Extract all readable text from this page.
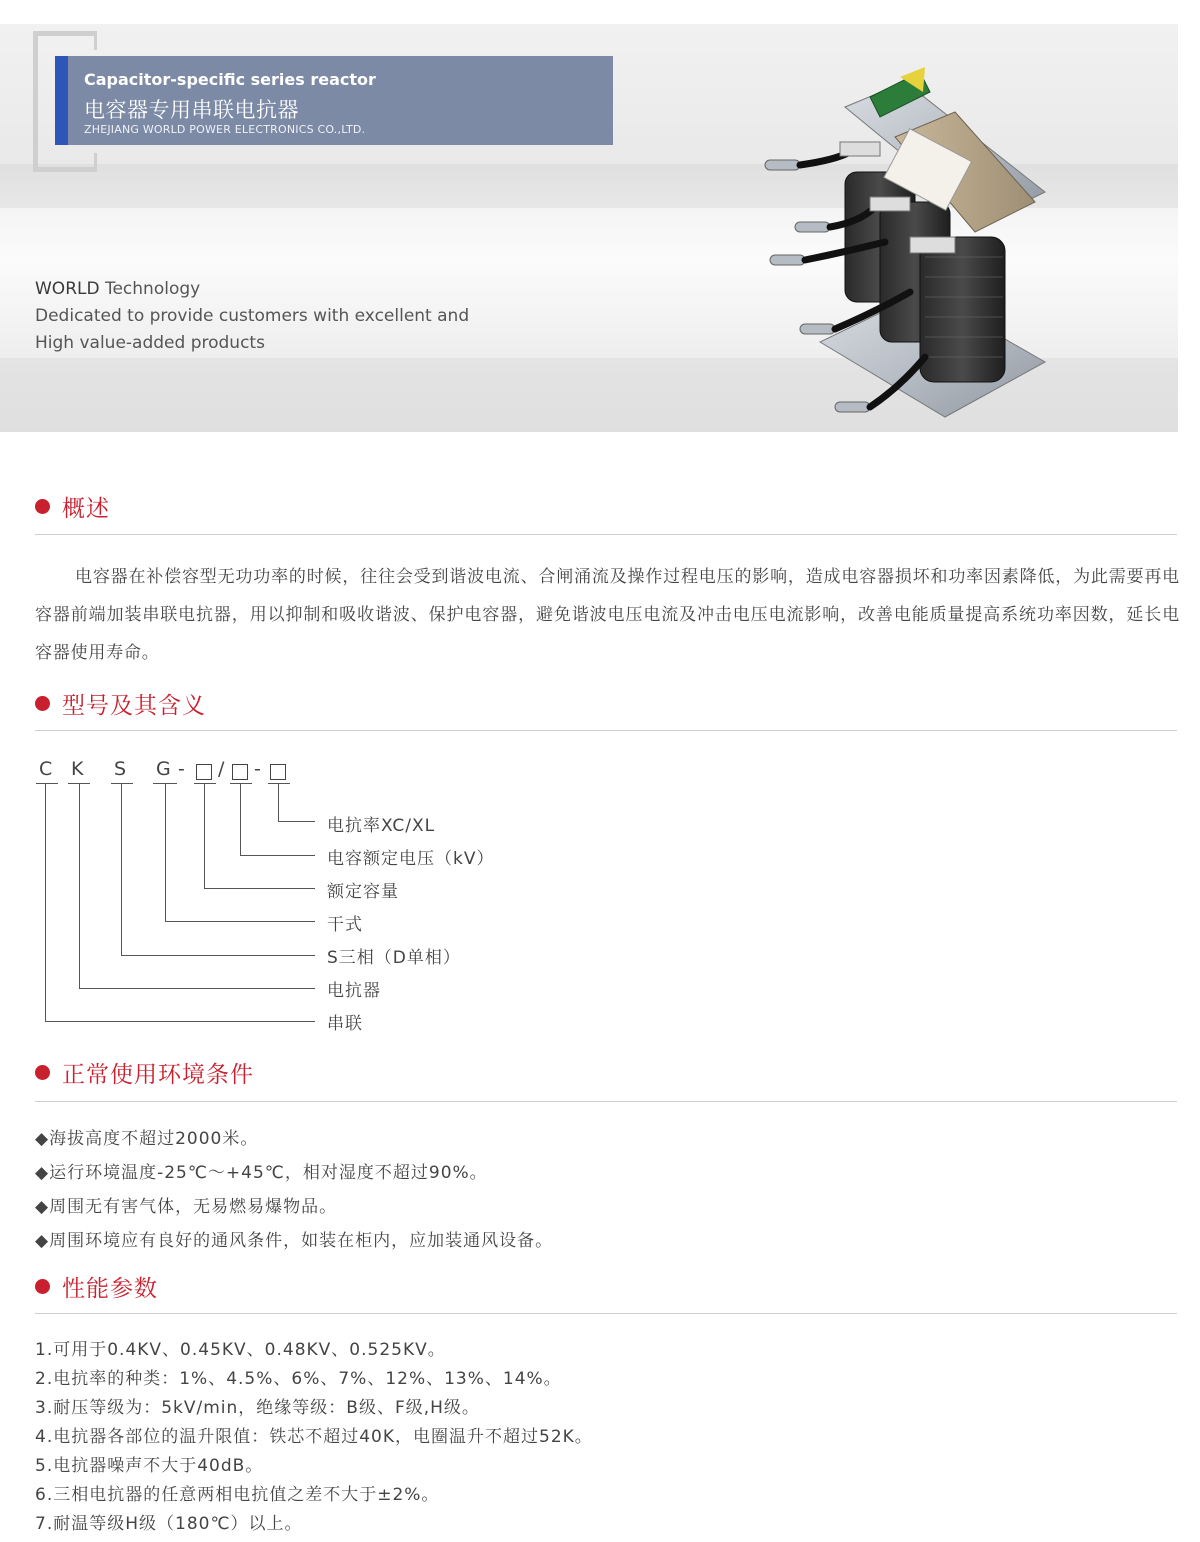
Capacitor-specific series reactor
电容器专用串联电抗器
ZHEJIANG WORLD POWER ELECTRONICS CO.,LTD.
WORLD Technology
Dedicated to provide customers with excellent and
High value-added products
概述
电容器在补偿容型无功功率的时候，往往会受到谐波电流、合闸涌流及操作过程电压的影响，造成电容器损坏和功率因素降低，为此需要再电容器前端加装串联电抗器，用以抑制和吸收谐波、保护电容器，避免谐波电压电流及冲击电压电流影响，改善电能质量提高系统功率因数，延长电容器使用寿命。
型号及其含义
C K S G - / -
电抗率XC/XL
电容额定电压（kV）
额定容量
干式
S三相（D单相）
电抗器
串联
正常使用环境条件
◆海拔高度不超过2000米。
◆运行环境温度-25℃～+45℃，相对湿度不超过90%。
◆周围无有害气体，无易燃易爆物品。
◆周围环境应有良好的通风条件，如装在柜内，应加装通风设备。
性能参数
1.可用于0.4KV、0.45KV、0.48KV、0.525KV。
2.电抗率的种类：1%、4.5%、6%、7%、12%、13%、14%。
3.耐压等级为：5kV/min，绝缘等级：B级、F级,H级。
4.电抗器各部位的温升限值：铁芯不超过40K，电圈温升不超过52K。
5.电抗器噪声不大于40dB。
6.三相电抗器的任意两相电抗值之差不大于±2%。
7.耐温等级H级（180℃）以上。
